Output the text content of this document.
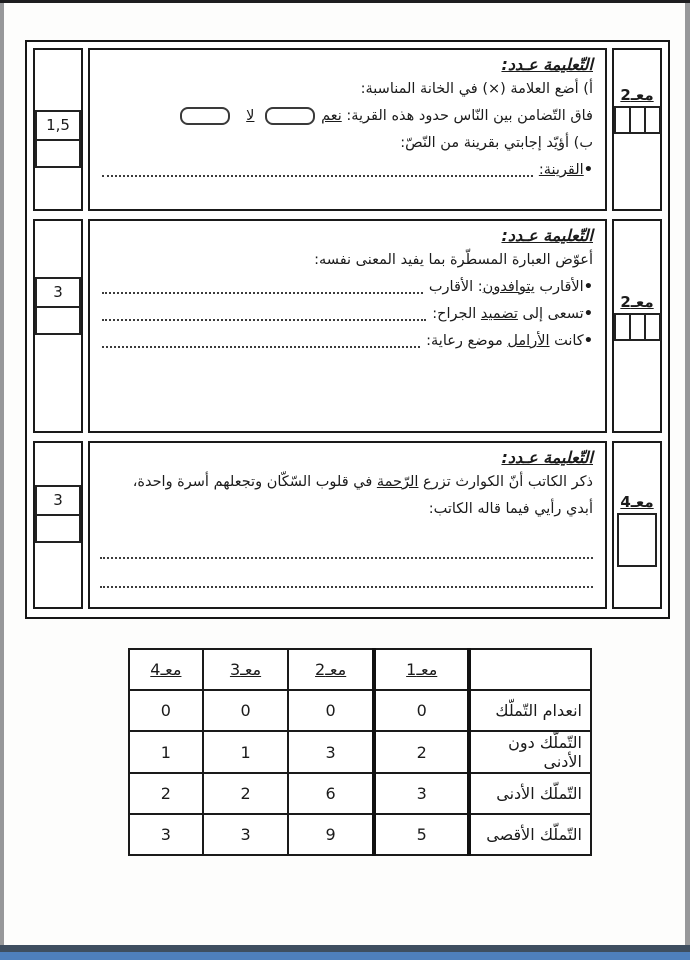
معـ2
التّعليمة عـدد:
أ) أضع العلامة (×) في الخانة المناسبة:
فاق التّضامن بين النّاس حدود هذه القرية: نعم لا
ب) أؤيّد إجابتي بقرينة من النّصّ:
• القرينة:
1,5
معـ2
التّعليمة عـدد:
أعوّض العبارة المسطّرة بما يفيد المعنى نفسه:
• الأقارب يتوافدون: الأقارب
• تسعى إلى تضميد الجراح:
• كانت الأرامل موضع رعاية:
3
معـ4
التّعليمة عـدد:
ذكر الكاتب أنّ الكوارث تزرع الرّحمة في قلوب السّكّان وتجعلهم أسرة واحدة،
أبدي رأيي فيما قاله الكاتب:
3
	معـ1	معـ2	معـ3	معـ4
انعدام التّملّك	0	0	0	0
التّملّك دون الأدنى	2	3	1	1
التّملّك الأدنى	3	6	2	2
التّملّك الأقصى	5	9	3	3
